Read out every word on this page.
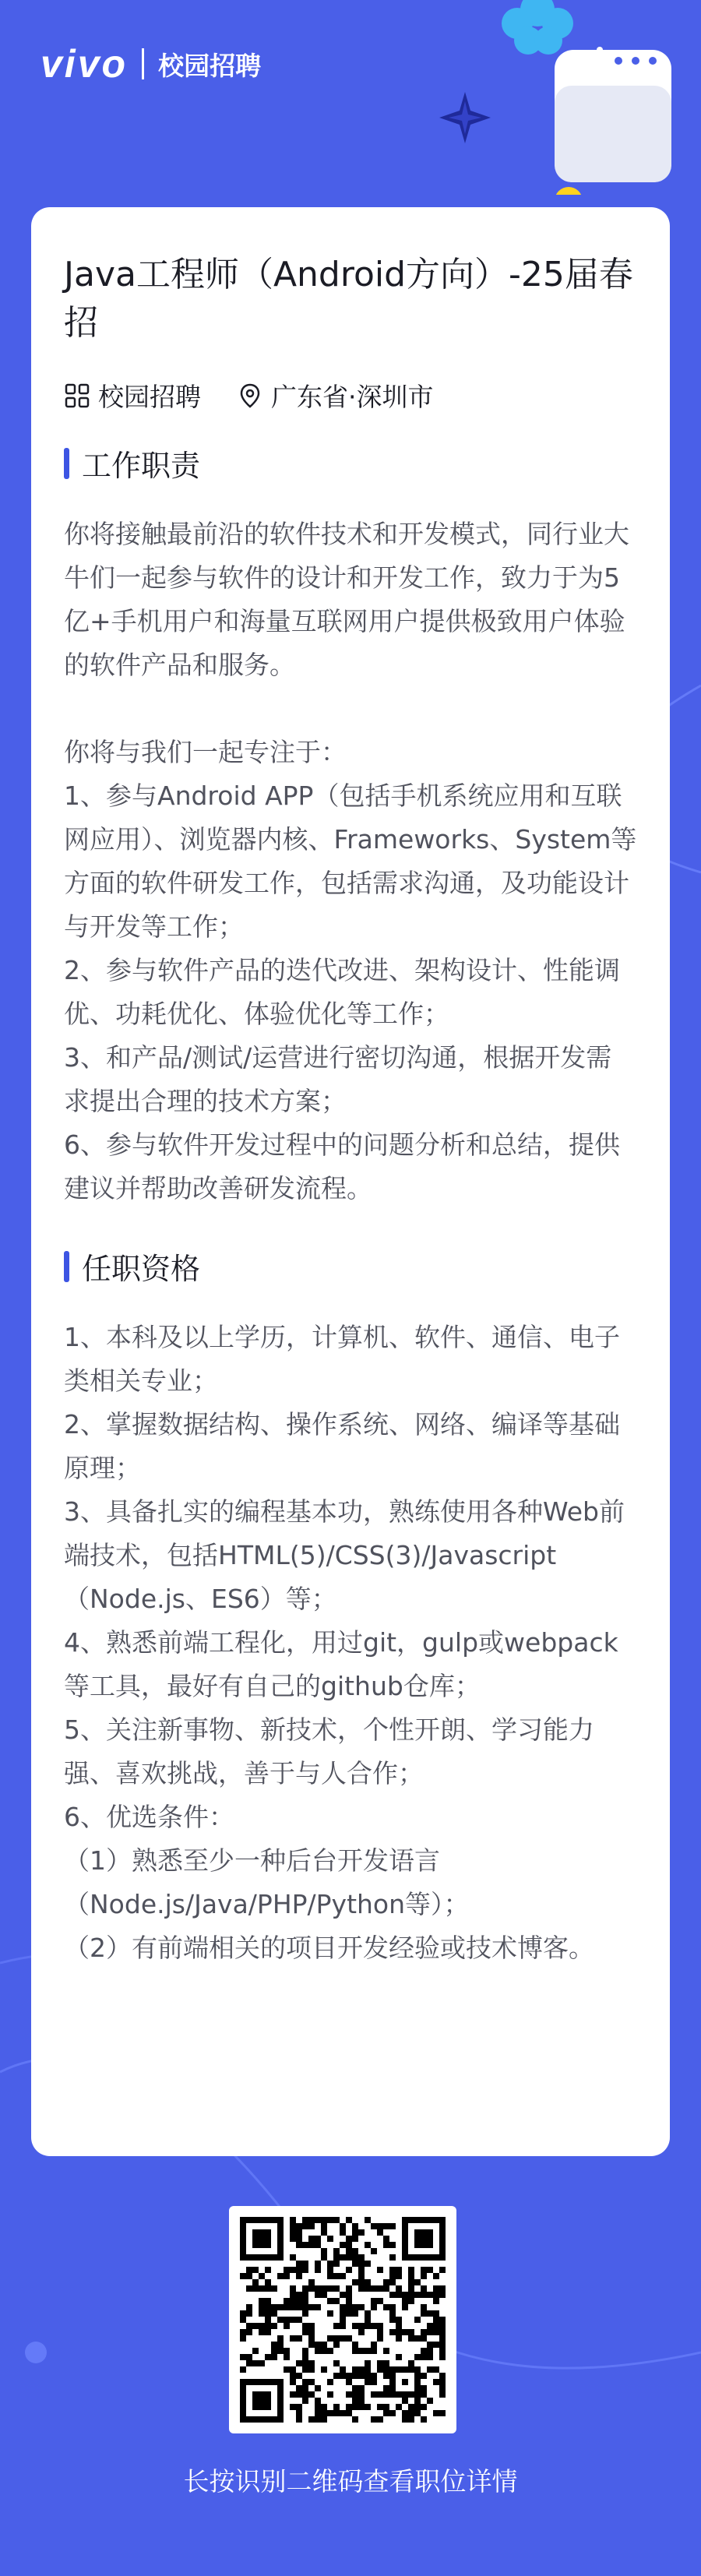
vivo 校园招聘
Java工程师（Android方向）-25届春招
校园招聘	广东省·深圳市
工作职责

你将接触最前沿的软件技术和开发模式，同行业大牛们一起参与软件的设计和开发工作，致力于为5亿+手机用户和海量互联网用户提供极致用户体验的软件产品和服务。

你将与我们一起专注于：

1、参与Android APP（包括手机系统应用和互联网应用）、浏览器内核、Frameworks、System等方面的软件研发工作，包括需求沟通，及功能设计与开发等工作；

2、参与软件产品的迭代改进、架构设计、性能调优、功耗优化、体验优化等工作；

3、和产品/测试/运营进行密切沟通，根据开发需求提出合理的技术方案；

6、参与软件开发过程中的问题分析和总结，提供建议并帮助改善研发流程。

任职资格

1、本科及以上学历，计算机、软件、通信、电子类相关专业；

2、掌握数据结构、操作系统、网络、编译等基础原理；

3、具备扎实的编程基本功，熟练使用各种Web前端技术，包括HTML(5)/CSS(3)/Javascript（Node.js、ES6）等；

4、熟悉前端工程化，用过git，gulp或webpack等工具，最好有自己的github仓库；

5、关注新事物、新技术，个性开朗、学习能力强、喜欢挑战，善于与人合作；

6、优选条件：

（1）熟悉至少一种后台开发语言（Node.js/Java/PHP/Python等）；

（2）有前端相关的项目开发经验或技术博客。

长按识别二维码查看职位详情
